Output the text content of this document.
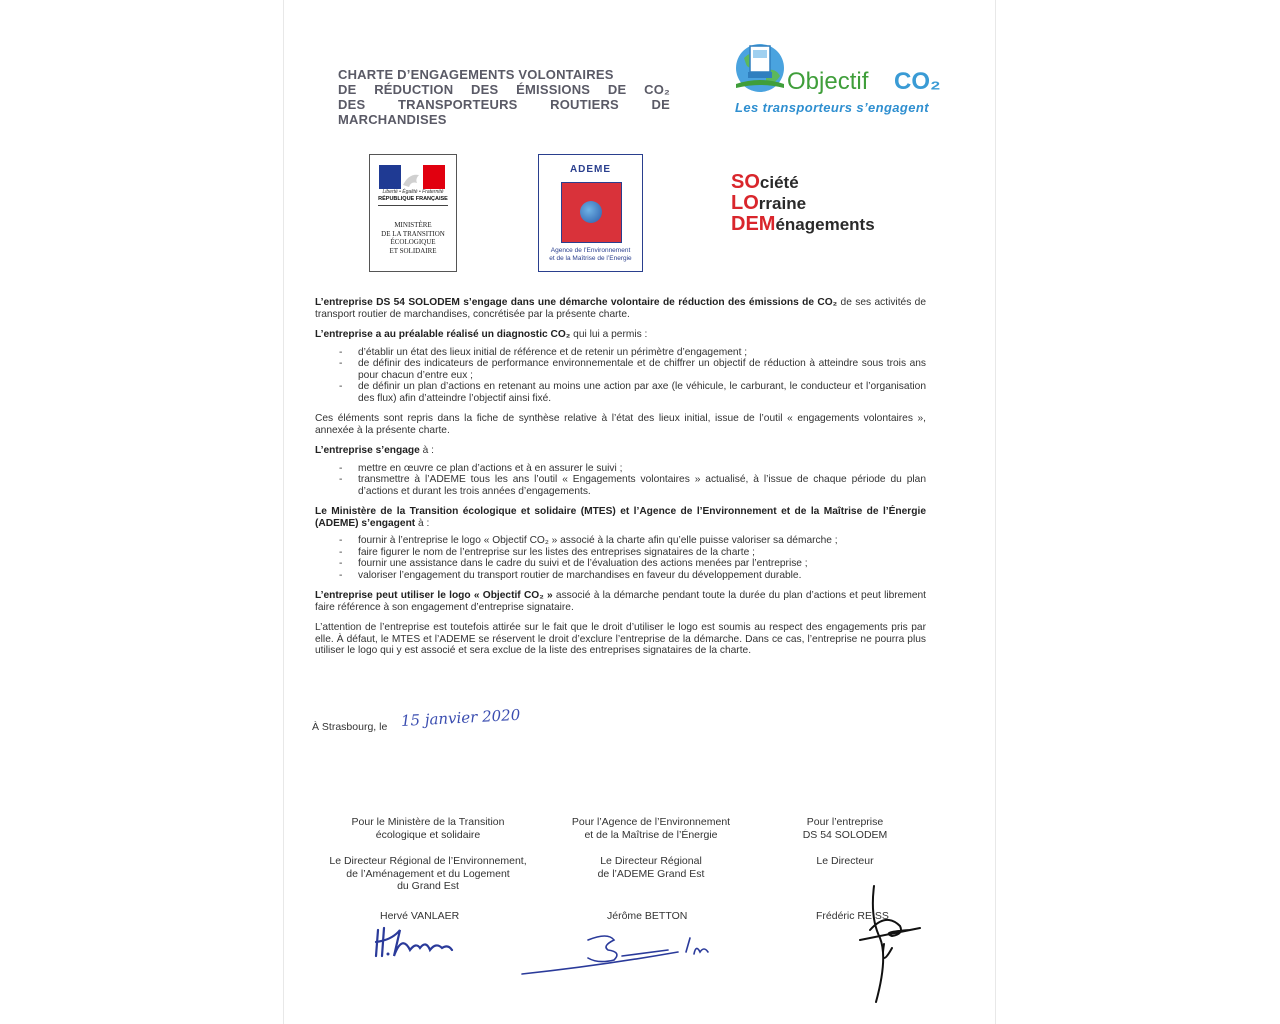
CHARTE D’ENGAGEMENTS VOLONTAIRES
DE RÉDUCTION DES ÉMISSIONS DE CO₂
DES TRANSPORTEURS ROUTIERS DE
MARCHANDISES
Objectif CO₂
Les transporteurs s’engagent
Liberté • Égalité • Fraternité
RÉPUBLIQUE FRANÇAISE
MINISTÈRE
DE LA TRANSITION
ÉCOLOGIQUE
ET SOLIDAIRE
ADEME
Agence de l’Environnement
et de la Maîtrise de l’Energie
SOciété
LOrraine
DEMénagements

L’entreprise DS 54 SOLODEM s’engage dans une démarche volontaire de réduction des émissions de CO₂ de ses activités de transport routier de marchandises, concrétisée par la présente charte.

L’entreprise a au préalable réalisé un diagnostic CO₂ qui lui a permis :

- d’établir un état des lieux initial de référence et de retenir un périmètre d’engagement ;
- de définir des indicateurs de performance environnementale et de chiffrer un objectif de réduction à atteindre sous trois ans pour chacun d’entre eux ;
- de définir un plan d’actions en retenant au moins une action par axe (le véhicule, le carburant, le conducteur et l’organisation des flux) afin d’atteindre l’objectif ainsi fixé.

Ces éléments sont repris dans la fiche de synthèse relative à l’état des lieux initial, issue de l’outil « engagements volontaires », annexée à la présente charte.

L’entreprise s’engage à :

- mettre en œuvre ce plan d’actions et à en assurer le suivi ;
- transmettre à l’ADEME tous les ans l’outil « Engagements volontaires » actualisé, à l’issue de chaque période du plan d’actions et durant les trois années d’engagements.

Le Ministère de la Transition écologique et solidaire (MTES) et l’Agence de l’Environnement et de la Maîtrise de l’Énergie (ADEME) s’engagent à :

- fournir à l’entreprise le logo « Objectif CO₂ » associé à la charte afin qu’elle puisse valoriser sa démarche ;
- faire figurer le nom de l’entreprise sur les listes des entreprises signataires de la charte ;
- fournir une assistance dans le cadre du suivi et de l’évaluation des actions menées par l’entreprise ;
- valoriser l’engagement du transport routier de marchandises en faveur du développement durable.

L’entreprise peut utiliser le logo « Objectif CO₂ » associé à la démarche pendant toute la durée du plan d’actions et peut librement faire référence à son engagement d’entreprise signataire.

L’attention de l’entreprise est toutefois attirée sur le fait que le droit d’utiliser le logo est soumis au respect des engagements pris par elle. À défaut, le MTES et l’ADEME se réservent le droit d’exclure l’entreprise de la démarche. Dans ce cas, l’entreprise ne pourra plus utiliser le logo qui y est associé et sera exclue de la liste des entreprises signataires de la charte.

À Strasbourg, le 15 janvier 2020
Pour le Ministère de la Transition
écologique et solidaire
Le Directeur Régional de l’Environnement,
de l’Aménagement et du Logement
du Grand Est
Pour l’Agence de l’Environnement
et de la Maîtrise de l’Énergie
Le Directeur Régional
de l’ADEME Grand Est
Pour l’entreprise
DS 54 SOLODEM
Le Directeur
Hervé VANLAER	Jérôme BETTON	Frédéric REISS
